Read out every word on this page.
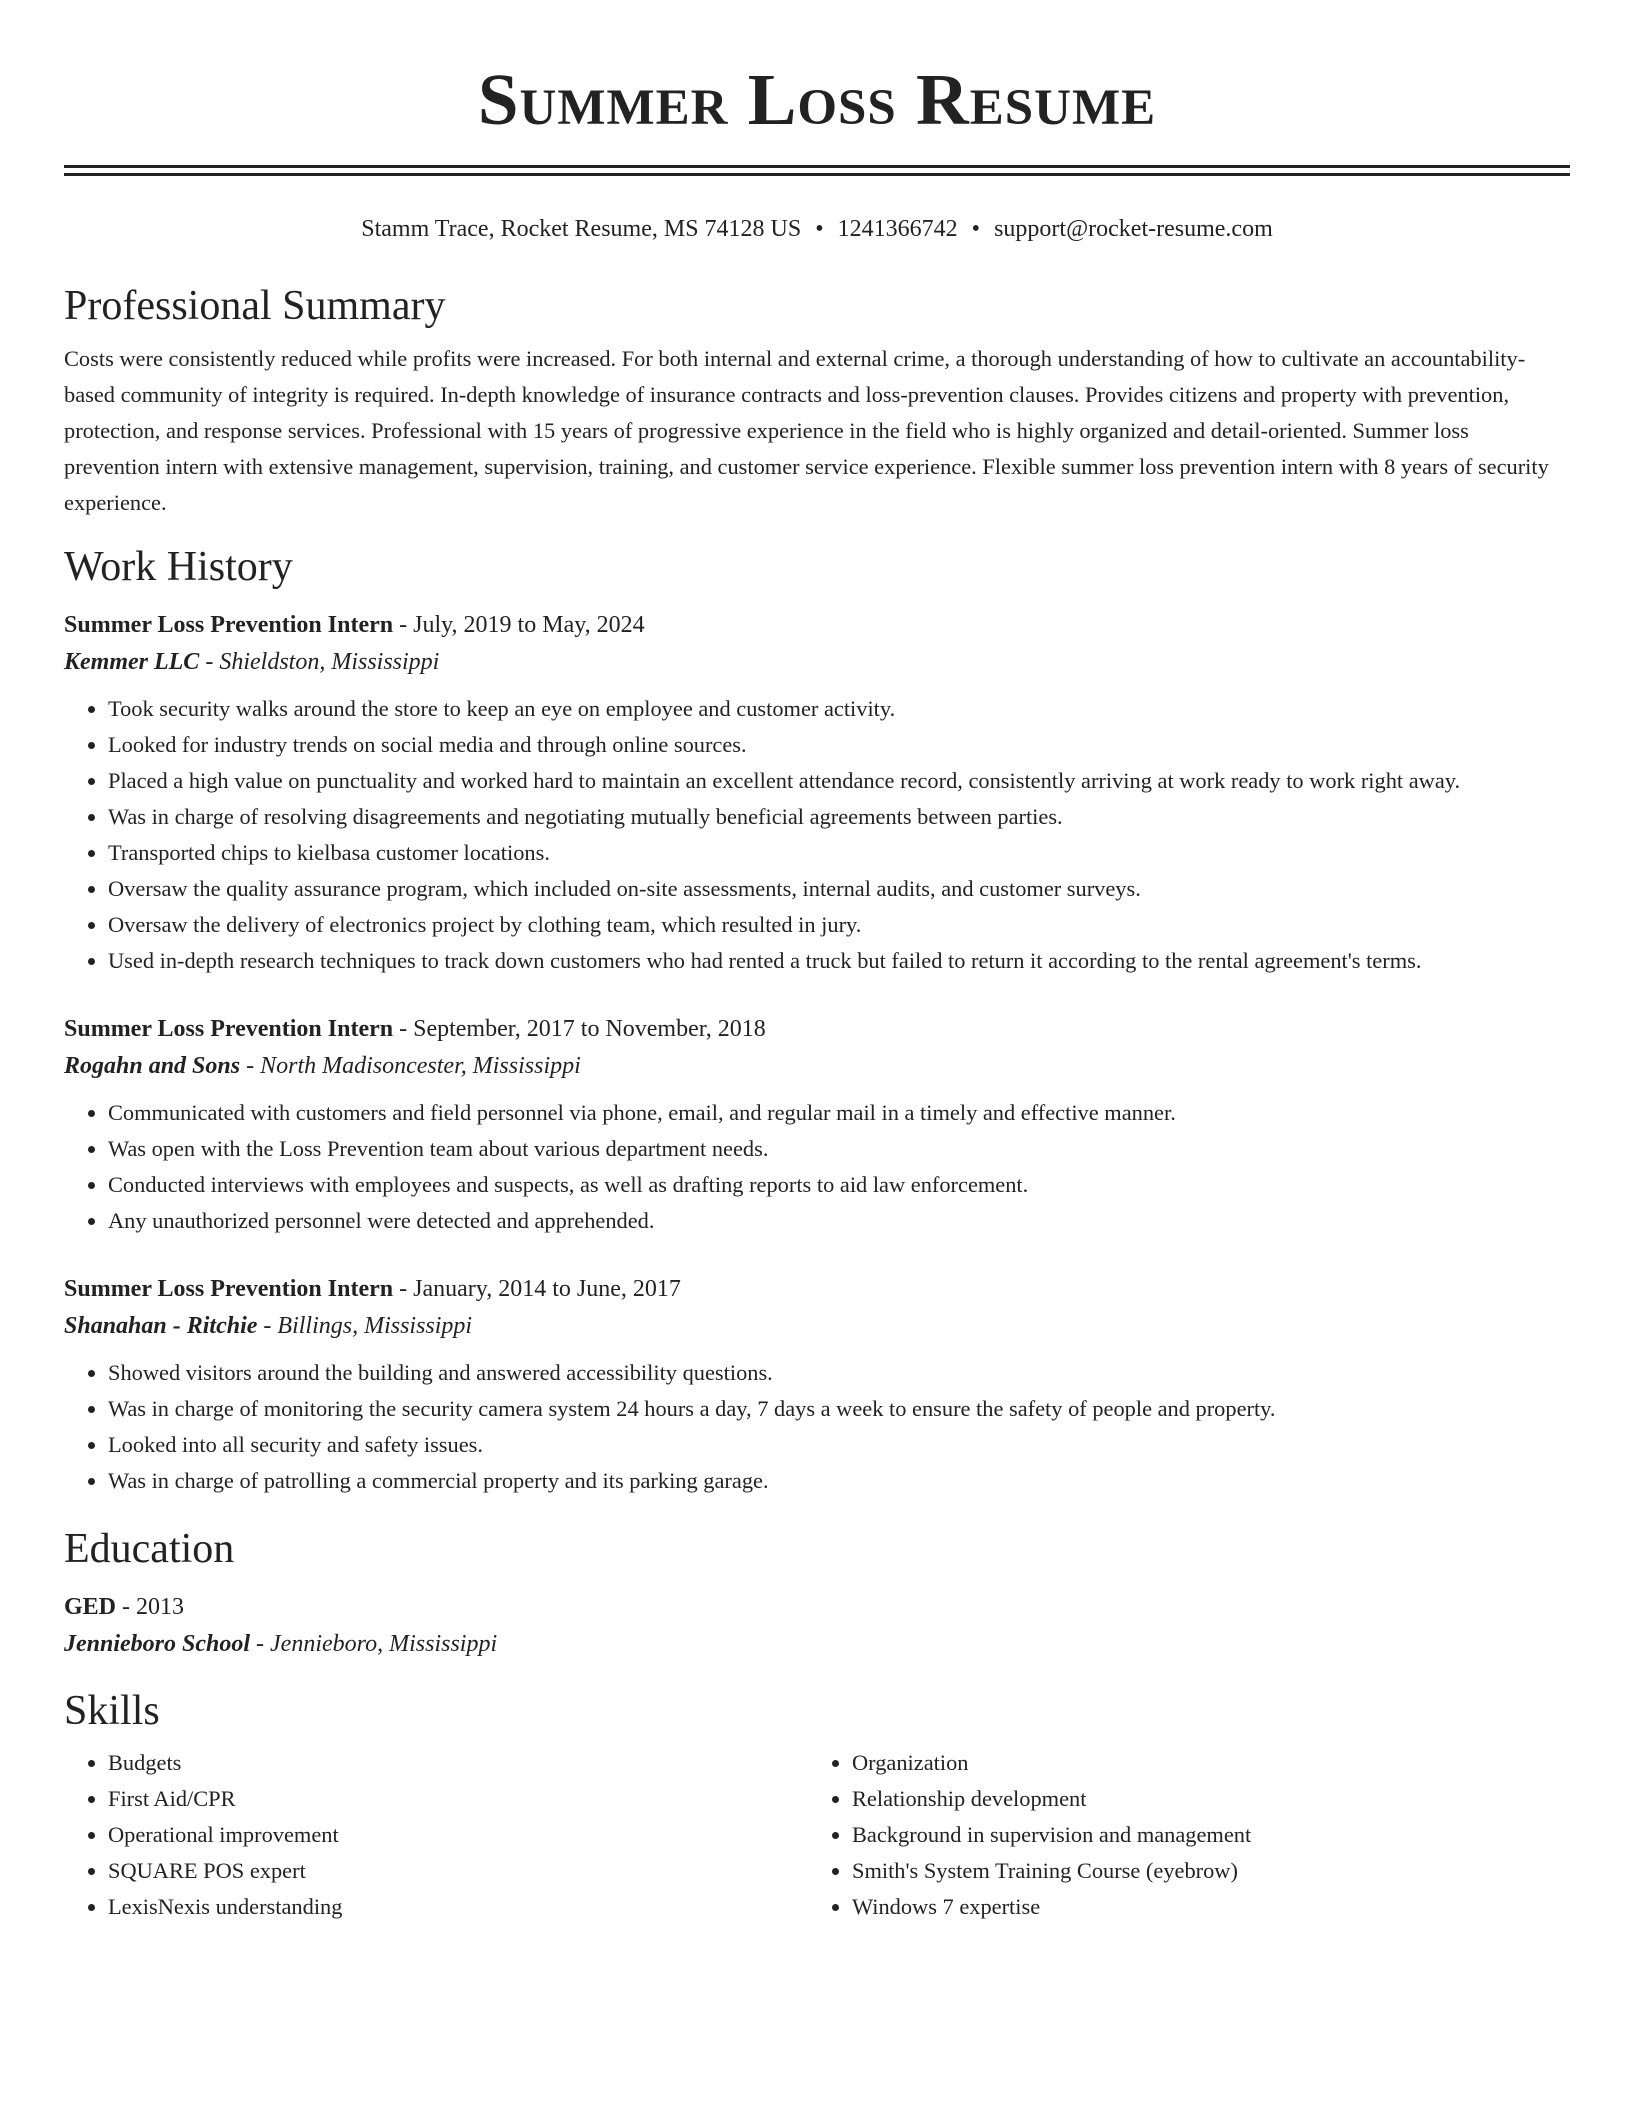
Summer Loss Resume
Stamm Trace, Rocket Resume, MS 74128 US • 1241366742 • support@rocket-resume.com
Professional Summary

Costs were consistently reduced while profits were increased. For both internal and external crime, a thorough understanding of how to cultivate an accountability-based community of integrity is required. In-depth knowledge of insurance contracts and loss-prevention clauses. Provides citizens and property with prevention, protection, and response services. Professional with 15 years of progressive experience in the field who is highly organized and detail-oriented. Summer loss prevention intern with extensive management, supervision, training, and customer service experience. Flexible summer loss prevention intern with 8 years of security experience.

Work History
Summer Loss Prevention Intern - July, 2019 to May, 2024
Kemmer LLC - Shieldston, Mississippi
• Took security walks around the store to keep an eye on employee and customer activity.
• Looked for industry trends on social media and through online sources.
• Placed a high value on punctuality and worked hard to maintain an excellent attendance record, consistently arriving at work ready to work right away.
• Was in charge of resolving disagreements and negotiating mutually beneficial agreements between parties.
• Transported chips to kielbasa customer locations.
• Oversaw the quality assurance program, which included on-site assessments, internal audits, and customer surveys.
• Oversaw the delivery of electronics project by clothing team, which resulted in jury.
• Used in-depth research techniques to track down customers who had rented a truck but failed to return it according to the rental agreement's terms.
Summer Loss Prevention Intern - September, 2017 to November, 2018
Rogahn and Sons - North Madisoncester, Mississippi
• Communicated with customers and field personnel via phone, email, and regular mail in a timely and effective manner.
• Was open with the Loss Prevention team about various department needs.
• Conducted interviews with employees and suspects, as well as drafting reports to aid law enforcement.
• Any unauthorized personnel were detected and apprehended.
Summer Loss Prevention Intern - January, 2014 to June, 2017
Shanahan - Ritchie - Billings, Mississippi
• Showed visitors around the building and answered accessibility questions.
• Was in charge of monitoring the security camera system 24 hours a day, 7 days a week to ensure the safety of people and property.
• Looked into all security and safety issues.
• Was in charge of patrolling a commercial property and its parking garage.
Education
GED - 2013
Jennieboro School - Jennieboro, Mississippi
Skills
• Budgets
• First Aid/CPR
• Operational improvement
• SQUARE POS expert
• LexisNexis understanding
• Organization
• Relationship development
• Background in supervision and management
• Smith's System Training Course (eyebrow)
• Windows 7 expertise
